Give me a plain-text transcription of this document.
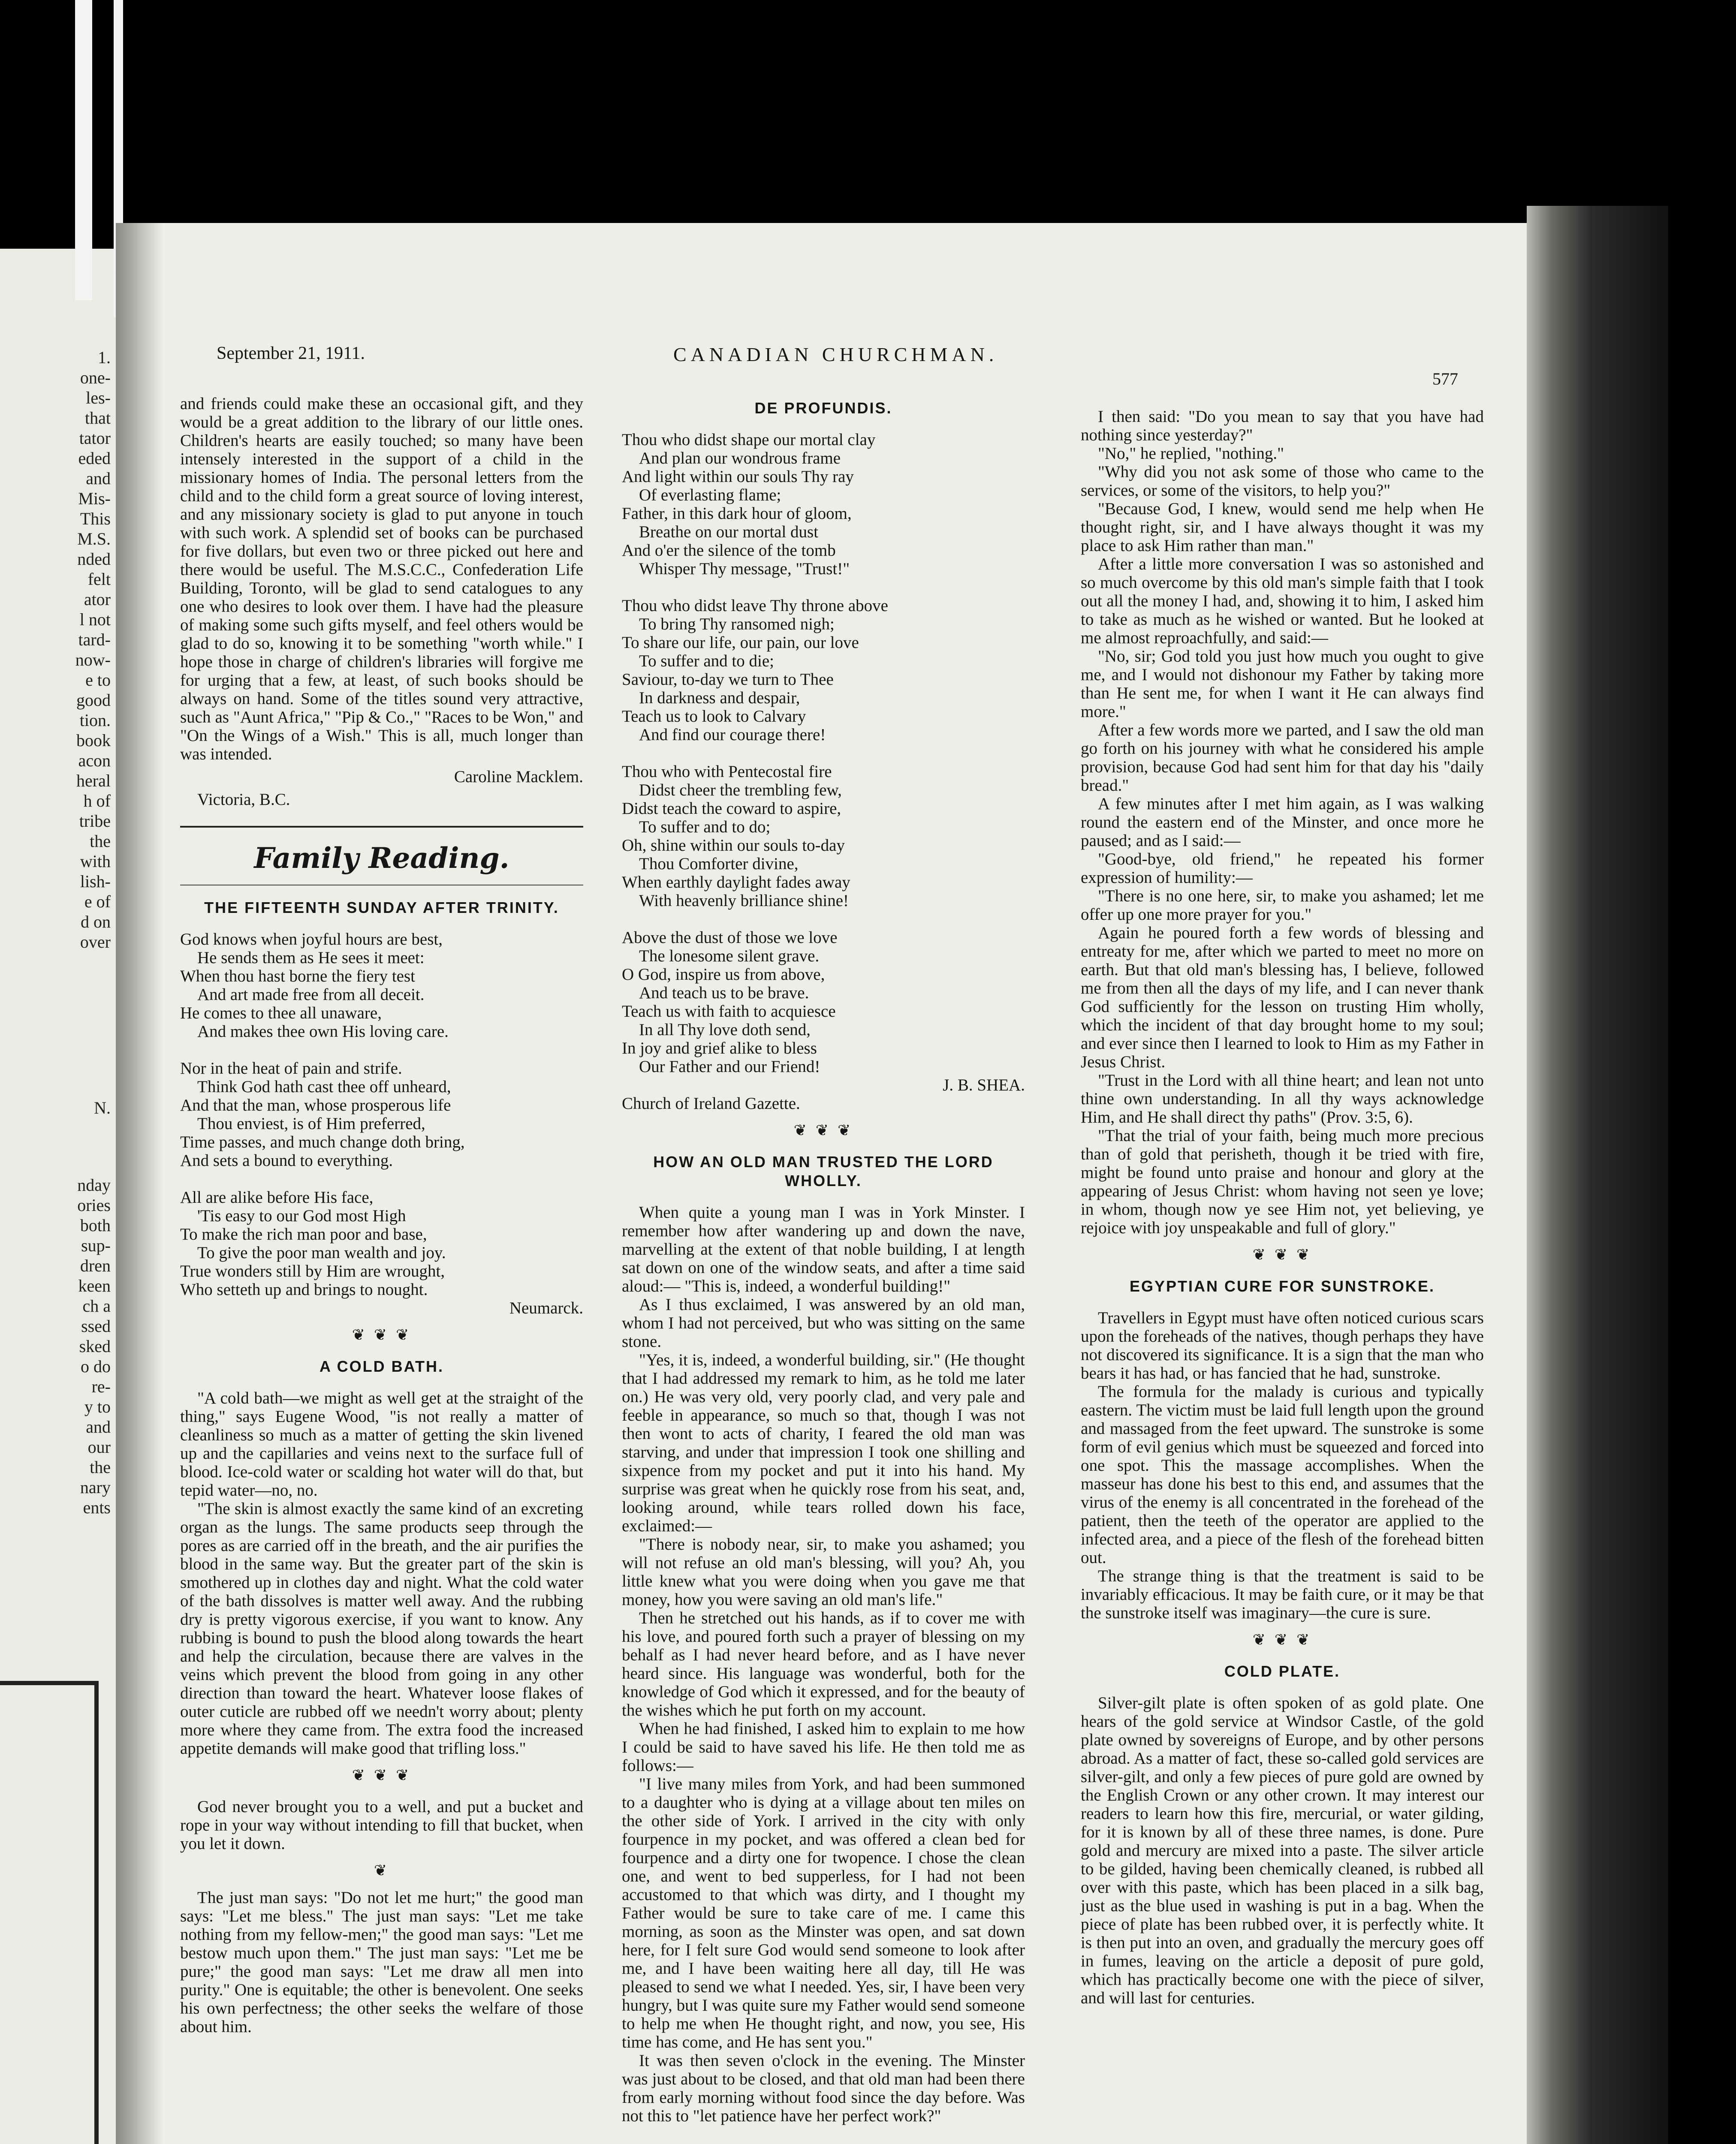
1.
one-
les-
that
tator
eded
and
Mis-
This
M.S.
nded
felt
ator
l not
tard-
now-
e to
good
tion.
book
acon
heral
h of
tribe
the
with
lish-
e of
d on
over
N.
nday
ories
both
sup-
dren
keen
ch a
ssed
sked
o do
re-
y to
and
our
the
nary
ents
September 21, 1911.	CANADIAN CHURCHMAN.
577

and friends could make these an occasional gift, and they would be a great addition to the library of our little ones. Children's hearts are easily touched; so many have been intensely interested in the support of a child in the missionary homes of India. The personal letters from the child and to the child form a great source of loving interest, and any missionary society is glad to put anyone in touch with such work. A splendid set of books can be purchased for five dollars, but even two or three picked out here and there would be useful. The M.S.C.C., Confederation Life Building, Toronto, will be glad to send catalogues to any one who desires to look over them. I have had the pleasure of making some such gifts myself, and feel others would be glad to do so, knowing it to be something "worth while." I hope those in charge of children's libraries will forgive me for urging that a few, at least, of such books should be always on hand. Some of the titles sound very attractive, such as "Aunt Africa," "Pip & Co.," "Races to be Won," and "On the Wings of a Wish." This is all, much longer than was intended.

Caroline Macklem.
Victoria, B.C.
Family Reading.
THE FIFTEENTH SUNDAY AFTER TRINITY.
God knows when joyful hours are best,
He sends them as He sees it meet:
When thou hast borne the fiery test
And art made free from all deceit.
He comes to thee all unaware,
And makes thee own His loving care.

Nor in the heat of pain and strife.
Think God hath cast thee off unheard,
And that the man, whose prosperous life
Thou enviest, is of Him preferred,
Time passes, and much change doth bring,
And sets a bound to everything.

All are alike before His face,
'Tis easy to our God most High
To make the rich man poor and base,
To give the poor man wealth and joy.
True wonders still by Him are wrought,
Who setteth up and brings to nought.
Neumarck.
❦ ❦ ❦
A COLD BATH.

"A cold bath—we might as well get at the straight of the thing," says Eugene Wood, "is not really a matter of cleanliness so much as a matter of getting the skin livened up and the capillaries and veins next to the surface full of blood. Ice-cold water or scalding hot water will do that, but tepid water—no, no.

"The skin is almost exactly the same kind of an excreting organ as the lungs. The same products seep through the pores as are carried off in the breath, and the air purifies the blood in the same way. But the greater part of the skin is smothered up in clothes day and night. What the cold water of the bath dissolves is matter well away. And the rubbing dry is pretty vigorous exercise, if you want to know. Any rubbing is bound to push the blood along towards the heart and help the circulation, because there are valves in the veins which prevent the blood from going in any other direction than toward the heart. Whatever loose flakes of outer cuticle are rubbed off we needn't worry about; plenty more where they came from. The extra food the increased appetite demands will make good that trifling loss."

❦ ❦ ❦

God never brought you to a well, and put a bucket and rope in your way without intending to fill that bucket, when you let it down.

❦

The just man says: "Do not let me hurt;" the good man says: "Let me bless." The just man says: "Let me take nothing from my fellow-men;" the good man says: "Let me bestow much upon them." The just man says: "Let me be pure;" the good man says: "Let me draw all men into purity." One is equitable; the other is benevolent. One seeks his own perfectness; the other seeks the welfare of those about him.

DE PROFUNDIS.
Thou who didst shape our mortal clay
And plan our wondrous frame
And light within our souls Thy ray
Of everlasting flame;
Father, in this dark hour of gloom,
Breathe on our mortal dust
And o'er the silence of the tomb
Whisper Thy message, "Trust!"

Thou who didst leave Thy throne above
To bring Thy ransomed nigh;
To share our life, our pain, our love
To suffer and to die;
Saviour, to-day we turn to Thee
In darkness and despair,
Teach us to look to Calvary
And find our courage there!

Thou who with Pentecostal fire
Didst cheer the trembling few,
Didst teach the coward to aspire,
To suffer and to do;
Oh, shine within our souls to-day
Thou Comforter divine,
When earthly daylight fades away
With heavenly brilliance shine!

Above the dust of those we love
The lonesome silent grave.
O God, inspire us from above,
And teach us to be brave.
Teach us with faith to acquiesce
In all Thy love doth send,
In joy and grief alike to bless
Our Father and our Friend!
J. B. SHEA.
Church of Ireland Gazette.
❦ ❦ ❦
HOW AN OLD MAN TRUSTED THE LORD WHOLLY.

When quite a young man I was in York Minster. I remember how after wandering up and down the nave, marvelling at the extent of that noble building, I at length sat down on one of the window seats, and after a time said aloud:— "This is, indeed, a wonderful building!"

As I thus exclaimed, I was answered by an old man, whom I had not perceived, but who was sitting on the same stone.

"Yes, it is, indeed, a wonderful building, sir." (He thought that I had addressed my remark to him, as he told me later on.) He was very old, very poorly clad, and very pale and feeble in appearance, so much so that, though I was not then wont to acts of charity, I feared the old man was starving, and under that impression I took one shilling and sixpence from my pocket and put it into his hand. My surprise was great when he quickly rose from his seat, and, looking around, while tears rolled down his face, exclaimed:—

"There is nobody near, sir, to make you ashamed; you will not refuse an old man's blessing, will you? Ah, you little knew what you were doing when you gave me that money, how you were saving an old man's life."

Then he stretched out his hands, as if to cover me with his love, and poured forth such a prayer of blessing on my behalf as I had never heard before, and as I have never heard since. His language was wonderful, both for the knowledge of God which it expressed, and for the beauty of the wishes which he put forth on my account.

When he had finished, I asked him to explain to me how I could be said to have saved his life. He then told me as follows:—

"I live many miles from York, and had been summoned to a daughter who is dying at a village about ten miles on the other side of York. I arrived in the city with only fourpence in my pocket, and was offered a clean bed for fourpence and a dirty one for twopence. I chose the clean one, and went to bed supperless, for I had not been accustomed to that which was dirty, and I thought my Father would be sure to take care of me. I came this morning, as soon as the Minster was open, and sat down here, for I felt sure God would send someone to look after me, and I have been waiting here all day, till He was pleased to send we what I needed. Yes, sir, I have been very hungry, but I was quite sure my Father would send someone to help me when He thought right, and now, you see, His time has come, and He has sent you."

It was then seven o'clock in the evening. The Minster was just about to be closed, and that old man had been there from early morning without food since the day before. Was not this to "let patience have her perfect work?"

I then said: "Do you mean to say that you have had nothing since yesterday?"

"No," he replied, "nothing."

"Why did you not ask some of those who came to the services, or some of the visitors, to help you?"

"Because God, I knew, would send me help when He thought right, sir, and I have always thought it was my place to ask Him rather than man."

After a little more conversation I was so astonished and so much overcome by this old man's simple faith that I took out all the money I had, and, showing it to him, I asked him to take as much as he wished or wanted. But he looked at me almost reproachfully, and said:—

"No, sir; God told you just how much you ought to give me, and I would not dishonour my Father by taking more than He sent me, for when I want it He can always find more."

After a few words more we parted, and I saw the old man go forth on his journey with what he considered his ample provision, because God had sent him for that day his "daily bread."

A few minutes after I met him again, as I was walking round the eastern end of the Minster, and once more he paused; and as I said:—

"Good-bye, old friend," he repeated his former expression of humility:—

"There is no one here, sir, to make you ashamed; let me offer up one more prayer for you."

Again he poured forth a few words of blessing and entreaty for me, after which we parted to meet no more on earth. But that old man's blessing has, I believe, followed me from then all the days of my life, and I can never thank God sufficiently for the lesson on trusting Him wholly, which the incident of that day brought home to my soul; and ever since then I learned to look to Him as my Father in Jesus Christ.

"Trust in the Lord with all thine heart; and lean not unto thine own understanding. In all thy ways acknowledge Him, and He shall direct thy paths" (Prov. 3:5, 6).

"That the trial of your faith, being much more precious than of gold that perisheth, though it be tried with fire, might be found unto praise and honour and glory at the appearing of Jesus Christ: whom having not seen ye love; in whom, though now ye see Him not, yet believing, ye rejoice with joy unspeakable and full of glory."

❦ ❦ ❦
EGYPTIAN CURE FOR SUNSTROKE.

Travellers in Egypt must have often noticed curious scars upon the foreheads of the natives, though perhaps they have not discovered its significance. It is a sign that the man who bears it has had, or has fancied that he had, sunstroke.

The formula for the malady is curious and typically eastern. The victim must be laid full length upon the ground and massaged from the feet upward. The sunstroke is some form of evil genius which must be squeezed and forced into one spot. This the massage accomplishes. When the masseur has done his best to this end, and assumes that the virus of the enemy is all concentrated in the forehead of the patient, then the teeth of the operator are applied to the infected area, and a piece of the flesh of the forehead bitten out.

The strange thing is that the treatment is said to be invariably efficacious. It may be faith cure, or it may be that the sunstroke itself was imaginary—the cure is sure.

❦ ❦ ❦
COLD PLATE.

Silver-gilt plate is often spoken of as gold plate. One hears of the gold service at Windsor Castle, of the gold plate owned by sovereigns of Europe, and by other persons abroad. As a matter of fact, these so-called gold services are silver-gilt, and only a few pieces of pure gold are owned by the English Crown or any other crown. It may interest our readers to learn how this fire, mercurial, or water gilding, for it is known by all of these three names, is done. Pure gold and mercury are mixed into a paste. The silver article to be gilded, having been chemically cleaned, is rubbed all over with this paste, which has been placed in a silk bag, just as the blue used in washing is put in a bag. When the piece of plate has been rubbed over, it is perfectly white. It is then put into an oven, and gradually the mercury goes off in fumes, leaving on the article a deposit of pure gold, which has practically become one with the piece of silver, and will last for centuries.
